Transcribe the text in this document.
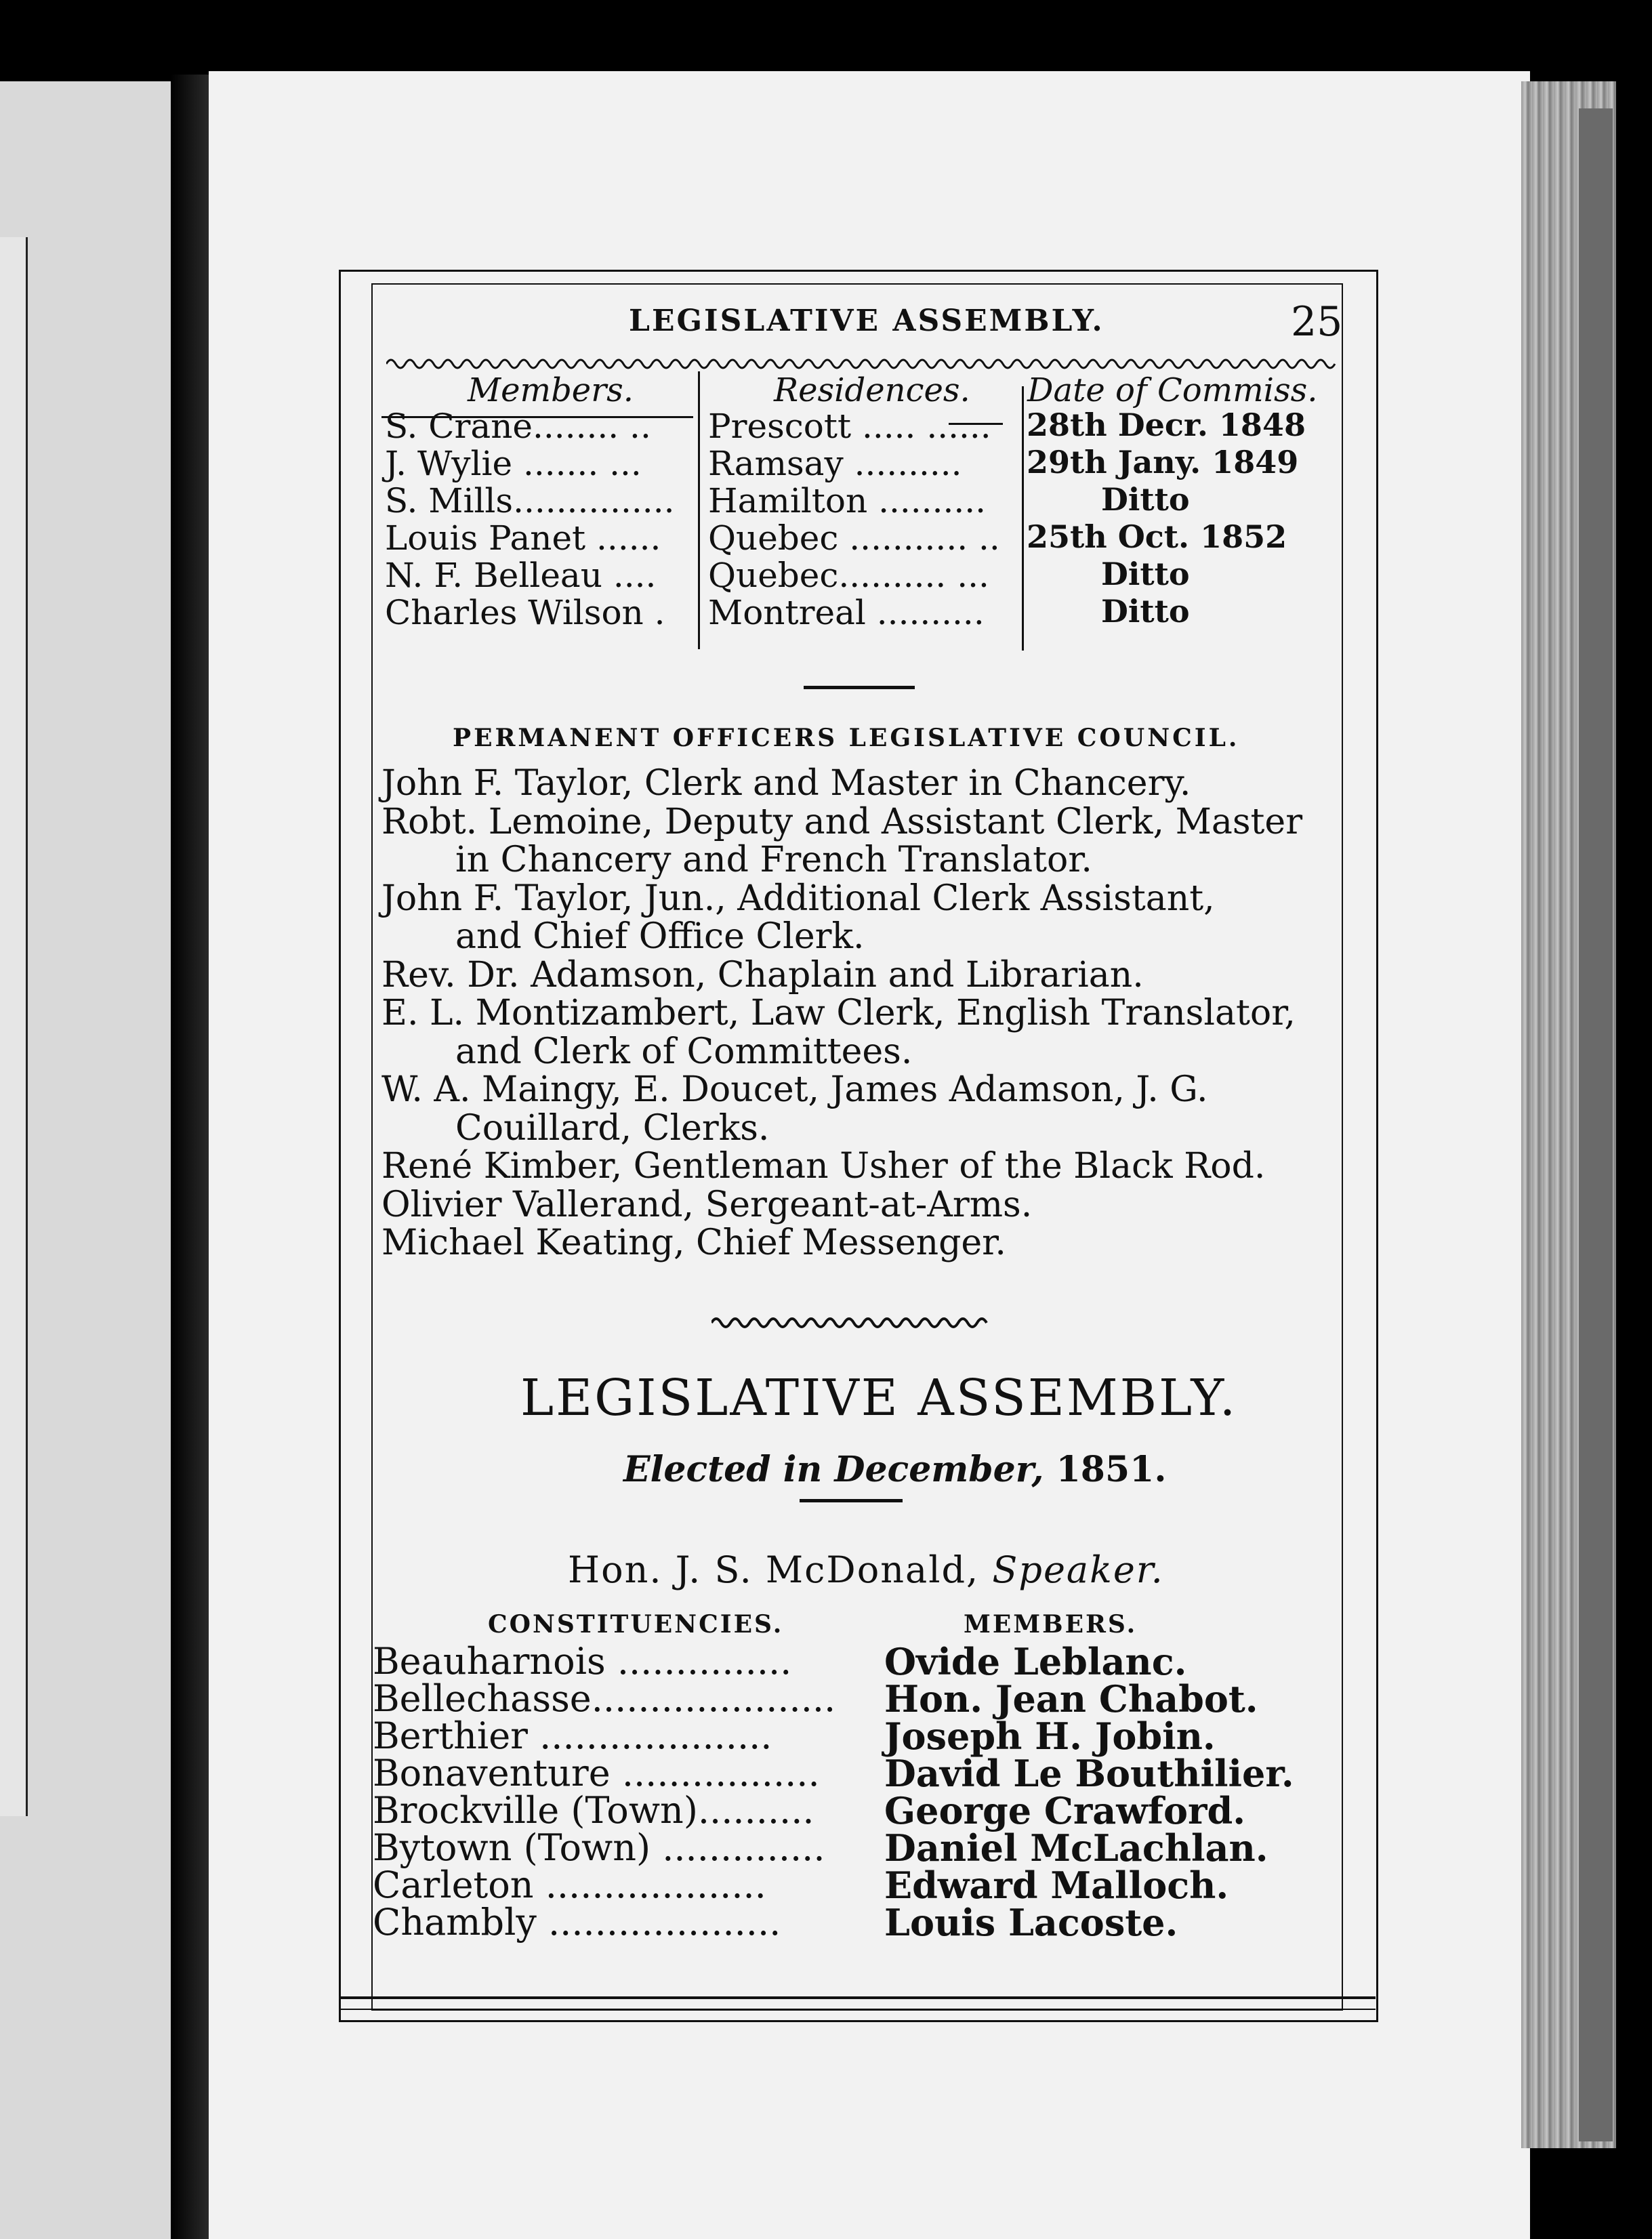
LEGISLATIVE ASSEMBLY.	25
Members.	Residences. Date of Commiss.
S. Crane........ .. Prescott ..... ...... 28th Decr. 1848
J. Wylie ....... ... Ramsay .......... 29th Jany. 1849
S. Mills............... Hamilton ..........	Ditto
Louis Panet ...... Quebec ........... .. 25th Oct. 1852
N. F. Belleau .... Quebec.......... ...	Ditto
Charles Wilson . Montreal ..........	Ditto
PERMANENT OFFICERS LEGISLATIVE COUNCIL.
John F. Taylor, Clerk and Master in Chancery.
Robt. Lemoine, Deputy and Assistant Clerk, Master
in Chancery and French Translator.
John F. Taylor, Jun., Additional Clerk Assistant,
and Chief Office Clerk.
Rev. Dr. Adamson, Chaplain and Librarian.
E. L. Montizambert, Law Clerk, English Translator,
and Clerk of Committees.
W. A. Maingy, E. Doucet, James Adamson, J. G.
Couillard, Clerks.
René Kimber, Gentleman Usher of the Black Rod.
Olivier Vallerand, Sergeant-at-Arms.
Michael Keating, Chief Messenger.
LEGISLATIVE ASSEMBLY.
Elected in December, 1851.
Hon. J. S. McDonald, Speaker.
CONSTITUENCIES.	MEMBERS.
Beauharnois ...............	Ovide Leblanc.
Bellechasse..................... Hon. Jean Chabot.
Berthier ....................	Joseph H. Jobin.
Bonaventure ................. David Le Bouthilier.
Brockville (Town).......... George Crawford.
Bytown (Town) .............. Daniel McLachlan.
Carleton ...................	Edward Malloch.
Chambly ....................	Louis Lacoste.
